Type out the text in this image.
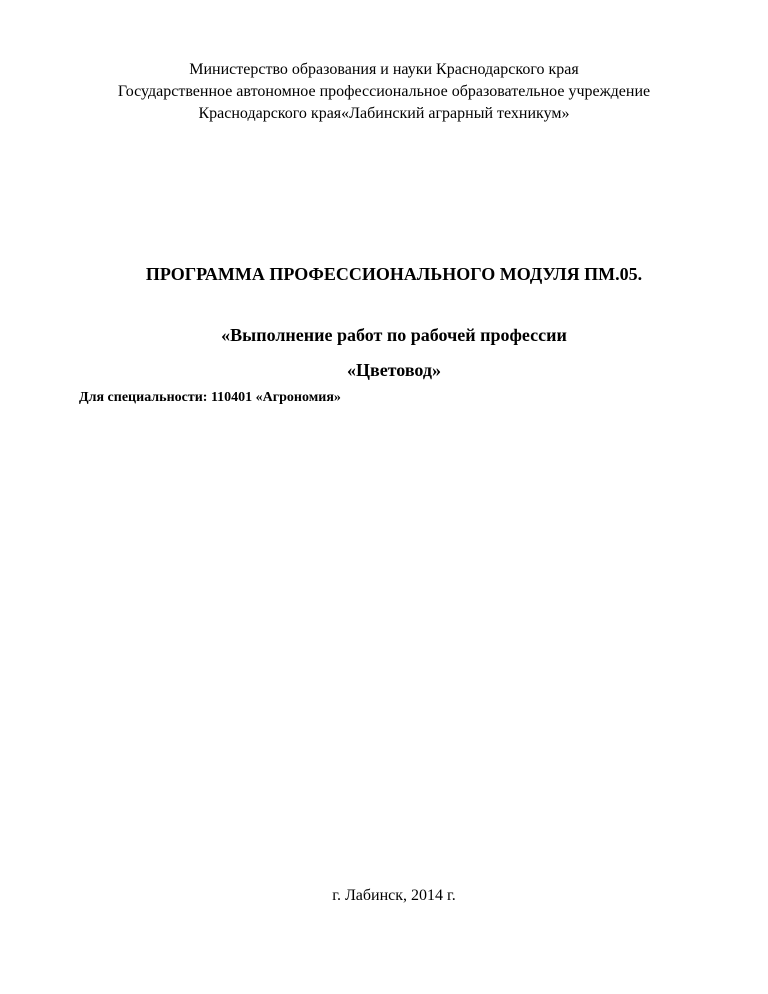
Министерство образования и науки Краснодарского края
Государственное автономное профессиональное образовательное учреждение
Краснодарского края«Лабинский аграрный техникум»
ПРОГРАММА ПРОФЕССИОНАЛЬНОГО МОДУЛЯ ПМ.05.
«Выполнение работ по рабочей профессии
«Цветовод»
Для специальности: 110401 «Агрономия»
г. Лабинск, 2014 г.
